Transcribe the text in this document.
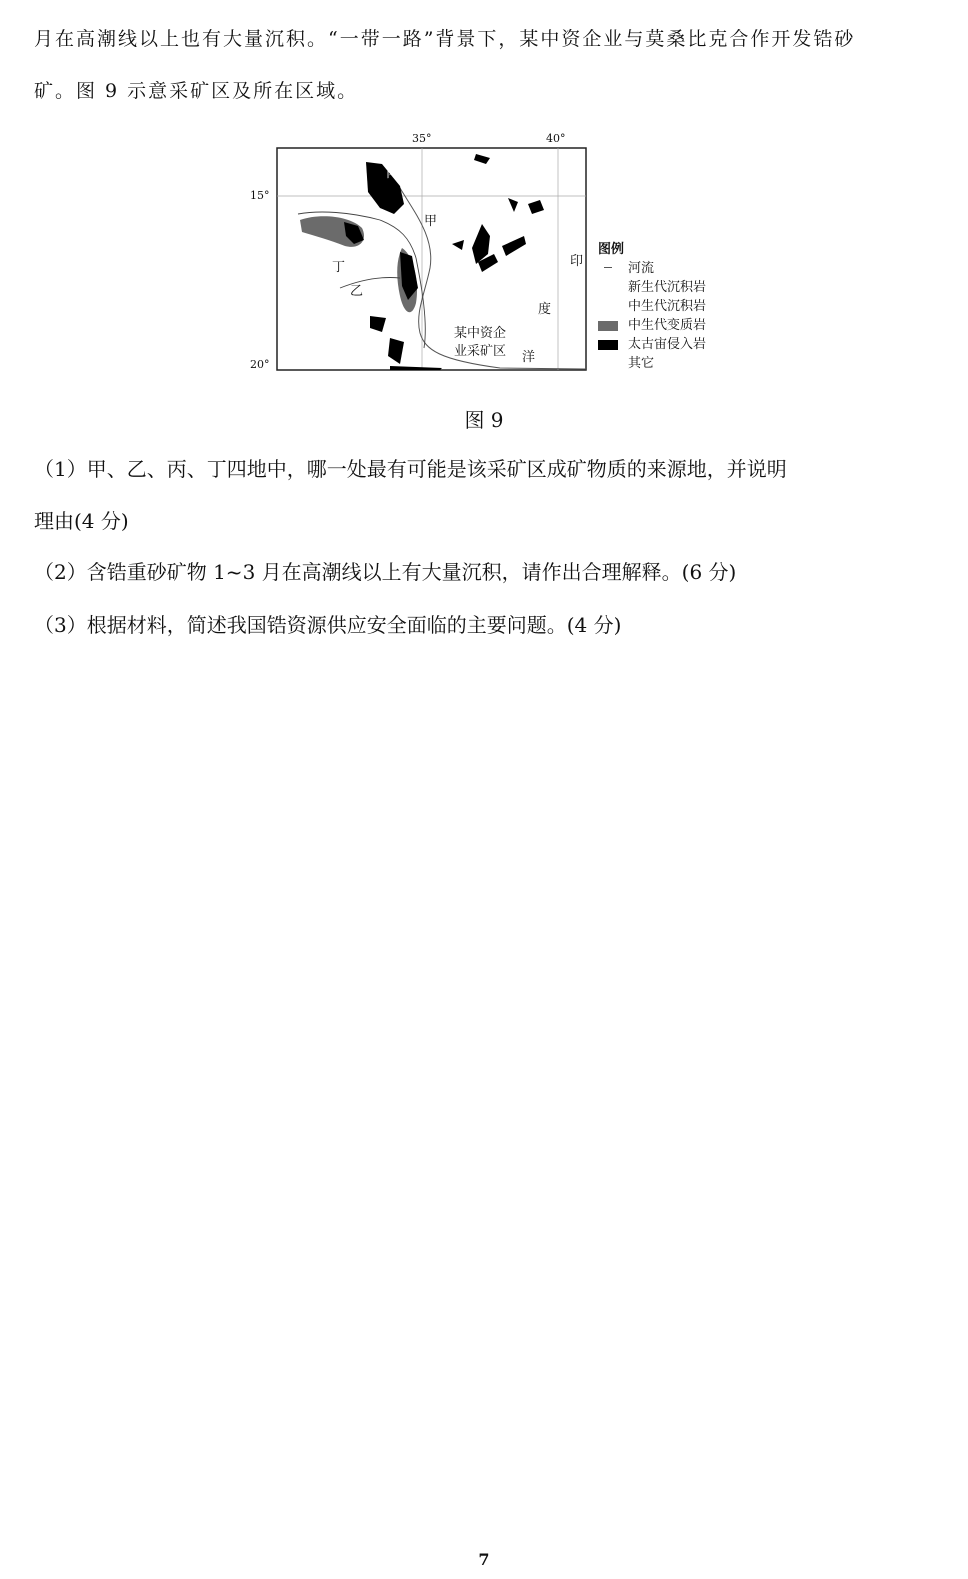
月在高潮线以上也有大量沉积。“一带一路”背景下，某中资企业与莫桑比克合作开发锆砂
矿。图 9 示意采矿区及所在区域。
35°	40°
15°
20°
丙
甲
丁
乙
印
度
洋
某中资企
业采矿区
图例
河流
新生代沉积岩
中生代沉积岩
中生代变质岩
太古宙侵入岩
其它
图 9
（1）甲、乙、丙、丁四地中，哪一处最有可能是该采矿区成矿物质的来源地，并说明
理由(4 分)
（2）含锆重砂矿物 1~3 月在高潮线以上有大量沉积，请作出合理解释。(6 分)
（3）根据材料，简述我国锆资源供应安全面临的主要问题。(4 分)
7
